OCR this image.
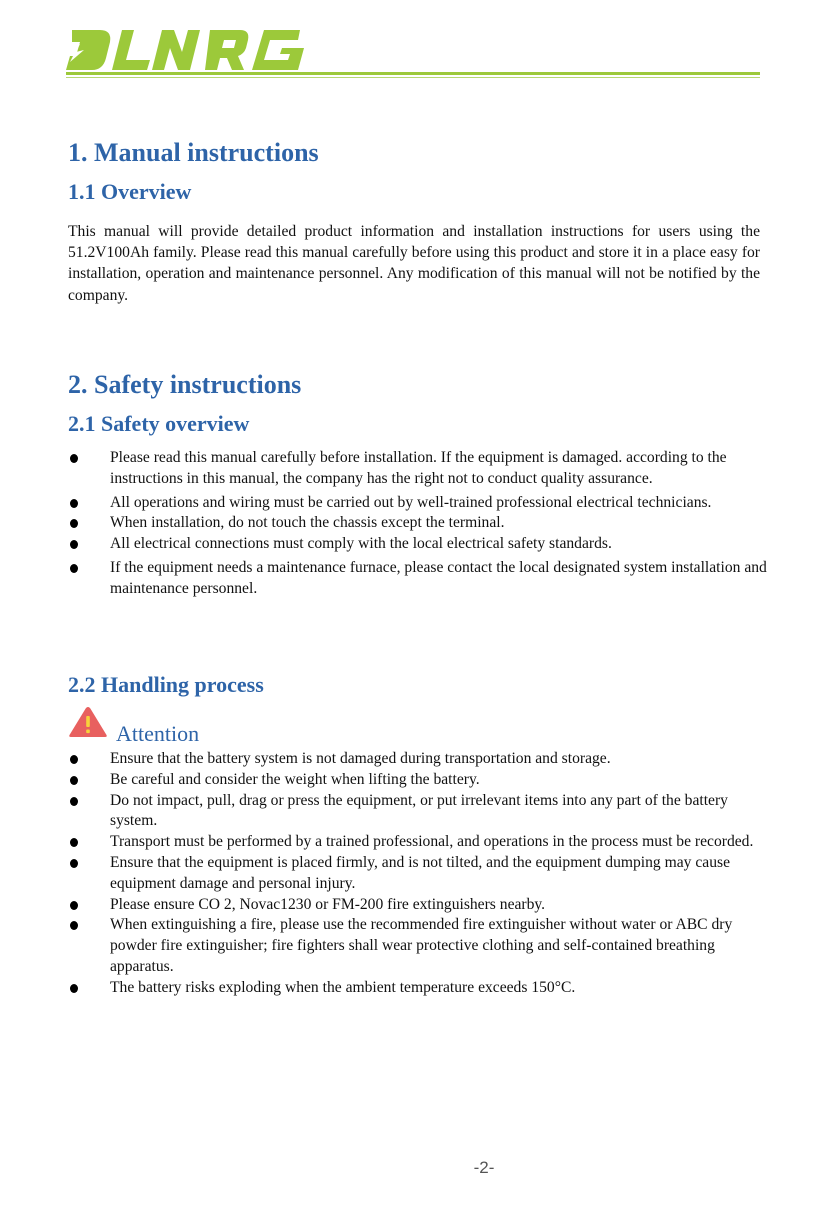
1. Manual instructions
1.1 Overview

This manual will provide detailed product information and installation instructions for users using the 51.2V100Ah family. Please read this manual carefully before using this product and store it in a place easy for installation, operation and maintenance personnel. Any modification of this manual will not be notified by the company.

2. Safety instructions
2.1 Safety overview
Please read this manual carefully before installation. If the equipment is damaged. according to the instructions in this manual, the company has the right not to conduct quality assurance.
All operations and wiring must be carried out by well-trained professional electrical technicians.
When installation, do not touch the chassis except the terminal.
All electrical connections must comply with the local electrical safety standards.
If the equipment needs a maintenance furnace, please contact the local designated system installation and maintenance personnel.
2.2 Handling process
Attention
Ensure that the battery system is not damaged during transportation and storage.
Be careful and consider the weight when lifting the battery.
Do not impact, pull, drag or press the equipment, or put irrelevant items into any part of the battery system.
Transport must be performed by a trained professional, and operations in the process must be recorded.
Ensure that the equipment is placed firmly, and is not tilted, and the equipment dumping may cause equipment damage and personal injury.
Please ensure CO 2, Novac1230 or FM-200 fire extinguishers nearby.
When extinguishing a fire, please use the recommended fire extinguisher without water or ABC dry powder fire extinguisher; fire fighters shall wear protective clothing and self-contained breathing apparatus.
The battery risks exploding when the ambient temperature exceeds 150°C.
-2-
